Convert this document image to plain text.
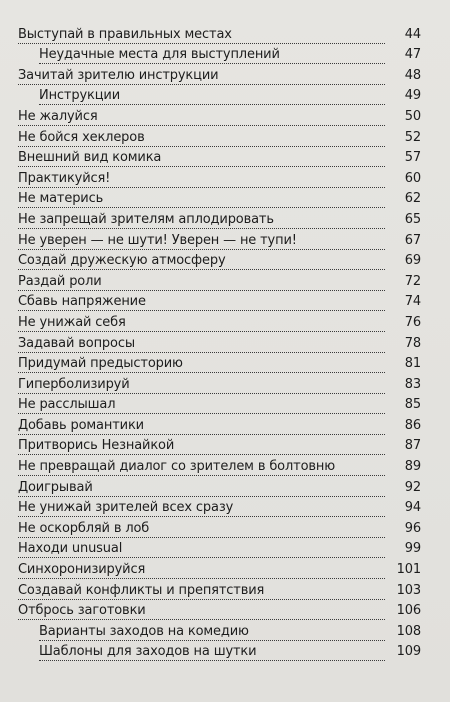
Выступай в правильных местах	44
Неудачные места для выступлений	47
Зачитай зрителю инструкции	48
Инструкции	49
Не жалуйся	50
Не бойся хеклеров	52
Внешний вид комика	57
Практикуйся!	60
Не матерись	62
Не запрещай зрителям аплодировать	65
Не уверен — не шути! Уверен — не тупи!	67
Создай дружескую атмосферу	69
Раздай роли	72
Сбавь напряжение	74
Не унижай себя	76
Задавай вопросы	78
Придумай предысторию	81
Гиперболизируй	83
Не расслышал	85
Добавь романтики	86
Притворись Незнайкой	87
Не превращай диалог со зрителем в болтовню	89
Доигрывай	92
Не унижай зрителей всех сразу	94
Не оскорбляй в лоб	96
Находи unusual	99
Синхоронизируйся	101
Создавай конфликты и препятствия	103
Отбрось заготовки	106
Варианты заходов на комедию	108
Шаблоны для заходов на шутки	109
